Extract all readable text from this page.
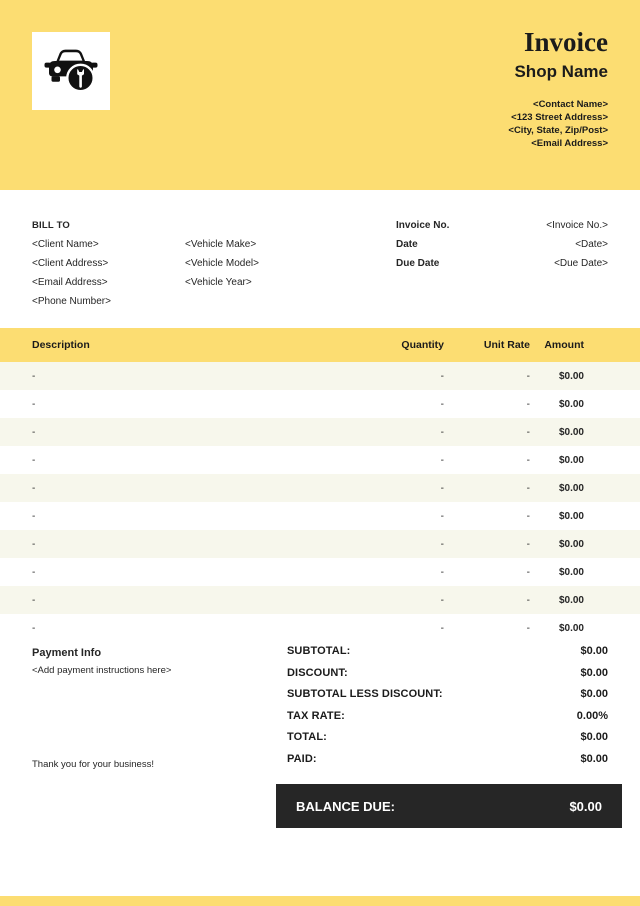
Invoice
Shop Name
<Contact Name>
<123 Street Address>
<City, State, Zip/Post>
<Email Address>
BILL TO
<Client Name>
<Client Address>
<Email Address>
<Phone Number>
<Vehicle Make>
<Vehicle Model>
<Vehicle Year>
Invoice No.	<Invoice No.>
Date	<Date>
Due Date	<Due Date>
Description	Quantity	Unit Rate	Amount
-	-	-	$0.00
-	-	-	$0.00
-	-	-	$0.00
-	-	-	$0.00
-	-	-	$0.00
-	-	-	$0.00
-	-	-	$0.00
-	-	-	$0.00
-	-	-	$0.00
-	-	-	$0.00
Payment Info
<Add payment instructions here>
Thank you for your business!
SUBTOTAL:	$0.00
DISCOUNT:	$0.00
SUBTOTAL LESS DISCOUNT:	$0.00
TAX RATE:	0.00%
TOTAL:	$0.00
PAID:	$0.00
BALANCE DUE:	$0.00
